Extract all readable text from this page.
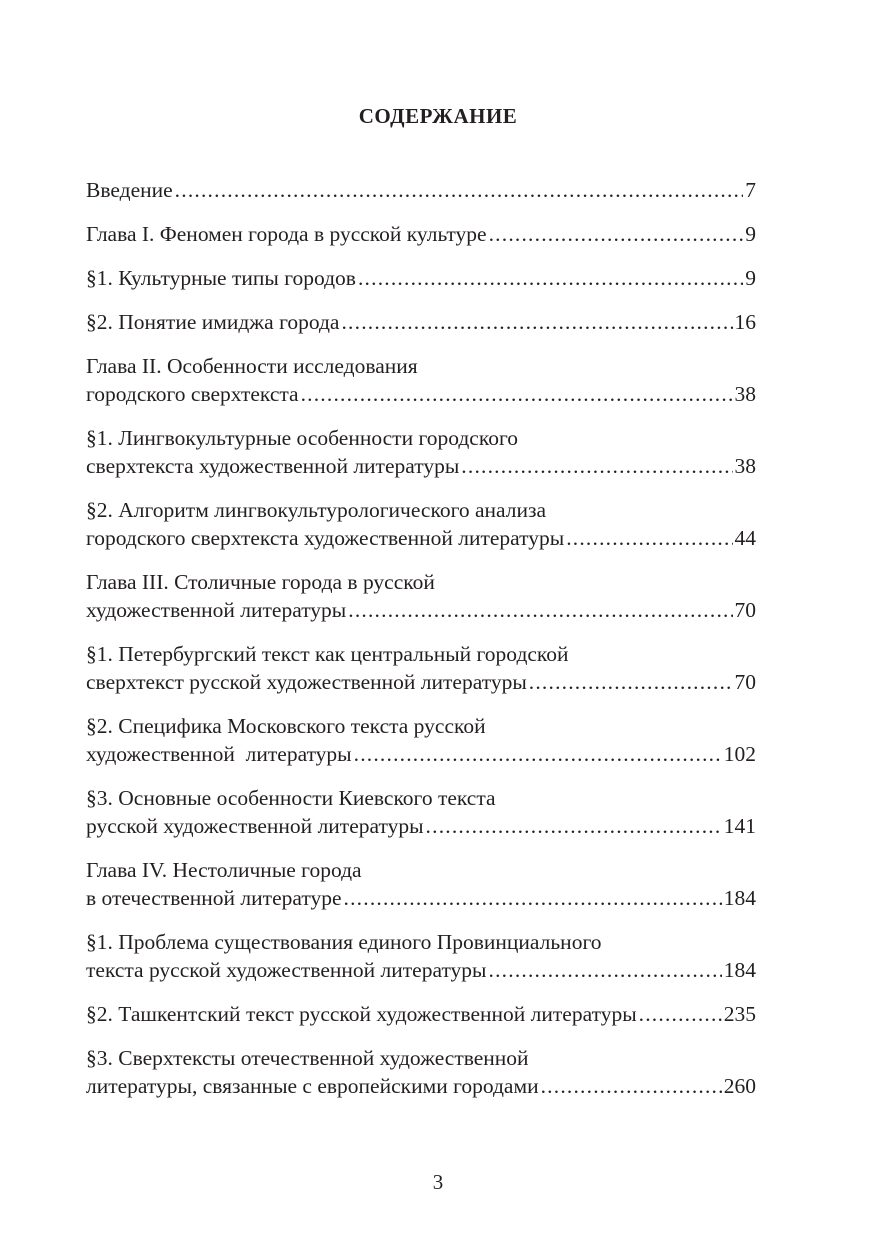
СОДЕРЖАНИЕ
Введение .....	7
Глава I. Феномен города в русской культуре .....	9
§1. Культурные типы городов .....	9
§2. Понятие имиджа города .....	16
Глава II. Особенности исследования
городского сверхтекста .....	38
§1. Лингвокультурные особенности городского
сверхтекста художественной литературы .....	38
§2. Алгоритм лингвокультурологического анализа
городского сверхтекста художественной литературы .....	44
Глава III. Столичные города в русской
художественной литературы .....	70
§1. Петербургский текст как центральный городской
сверхтекст русской художественной литературы .....	70
§2. Специфика Московского текста русской
художественной  литературы .....	102
§3. Основные особенности Киевского текста
русской художественной литературы .....	141
Глава IV. Нестоличные города
в отечественной литературе .....	184
§1. Проблема существования единого Провинциального
текста русской художественной литературы .....	184
§2. Ташкентский текст русской художественной литературы .....	235
§3. Сверхтексты отечественной художественной
литературы, связанные с европейскими городами .....	260
3
